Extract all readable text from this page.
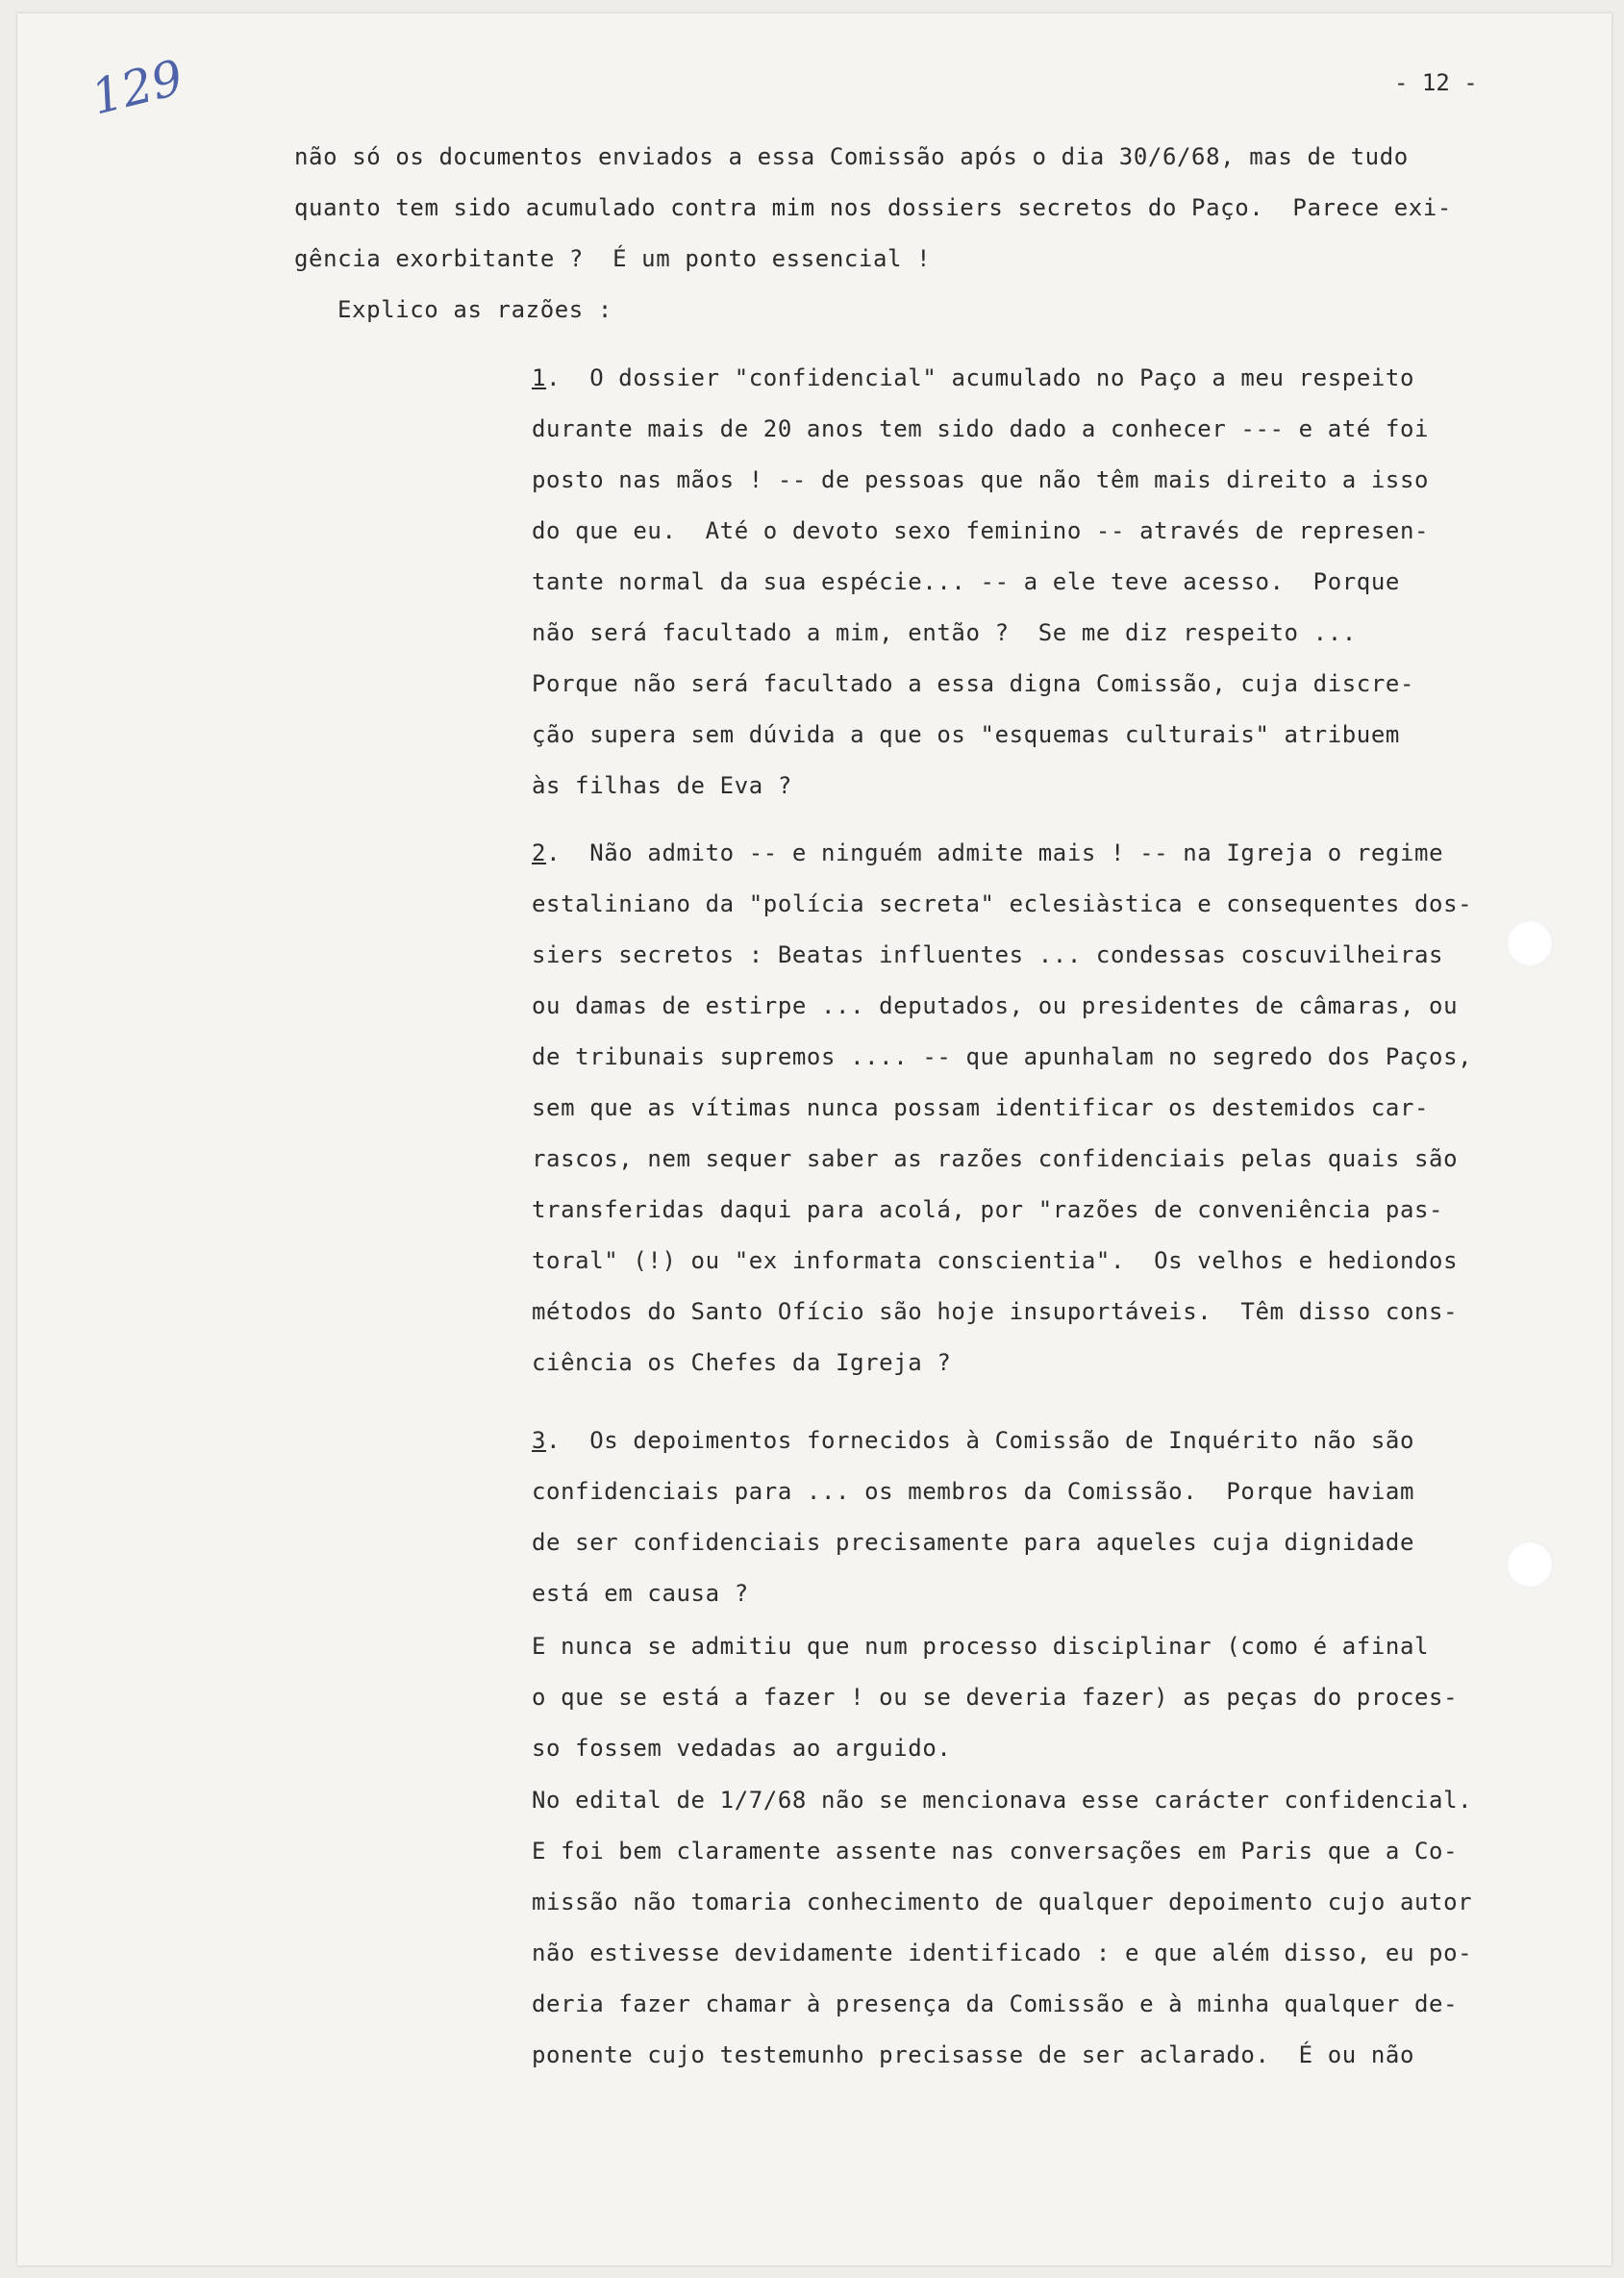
129	- 12 -
não só os documentos enviados a essa Comissão após o dia 30/6/68, mas de tudo
quanto tem sido acumulado contra mim nos dossiers secretos do Paço.  Parece exi-
gência exorbitante ?  É um ponto essencial !
Explico as razões :
1.  O dossier "confidencial" acumulado no Paço a meu respeito
durante mais de 20 anos tem sido dado a conhecer --- e até foi
posto nas mãos ! -- de pessoas que não têm mais direito a isso
do que eu.  Até o devoto sexo feminino -- através de represen-
tante normal da sua espécie... -- a ele teve acesso.  Porque
não será facultado a mim, então ?  Se me diz respeito ...
Porque não será facultado a essa digna Comissão, cuja discre-
ção supera sem dúvida a que os "esquemas culturais" atribuem
às filhas de Eva ?
2.  Não admito -- e ninguém admite mais ! -- na Igreja o regime
estaliniano da "polícia secreta" eclesiàstica e consequentes dos-
siers secretos : Beatas influentes ... condessas coscuvilheiras
ou damas de estirpe ... deputados, ou presidentes de câmaras, ou
de tribunais supremos .... -- que apunhalam no segredo dos Paços,
sem que as vítimas nunca possam identificar os destemidos car-
rascos, nem sequer saber as razões confidenciais pelas quais são
transferidas daqui para acolá, por "razões de conveniência pas-
toral" (!) ou "ex informata conscientia".  Os velhos e hediondos
métodos do Santo Ofício são hoje insuportáveis.  Têm disso cons-
ciência os Chefes da Igreja ?
3.  Os depoimentos fornecidos à Comissão de Inquérito não são
confidenciais para ... os membros da Comissão.  Porque haviam
de ser confidenciais precisamente para aqueles cuja dignidade
está em causa ?
E nunca se admitiu que num processo disciplinar (como é afinal
o que se está a fazer ! ou se deveria fazer) as peças do proces-
so fossem vedadas ao arguido.
No edital de 1/7/68 não se mencionava esse carácter confidencial.
E foi bem claramente assente nas conversações em Paris que a Co-
missão não tomaria conhecimento de qualquer depoimento cujo autor
não estivesse devidamente identificado : e que além disso, eu po-
deria fazer chamar à presença da Comissão e à minha qualquer de-
ponente cujo testemunho precisasse de ser aclarado.  É ou não
